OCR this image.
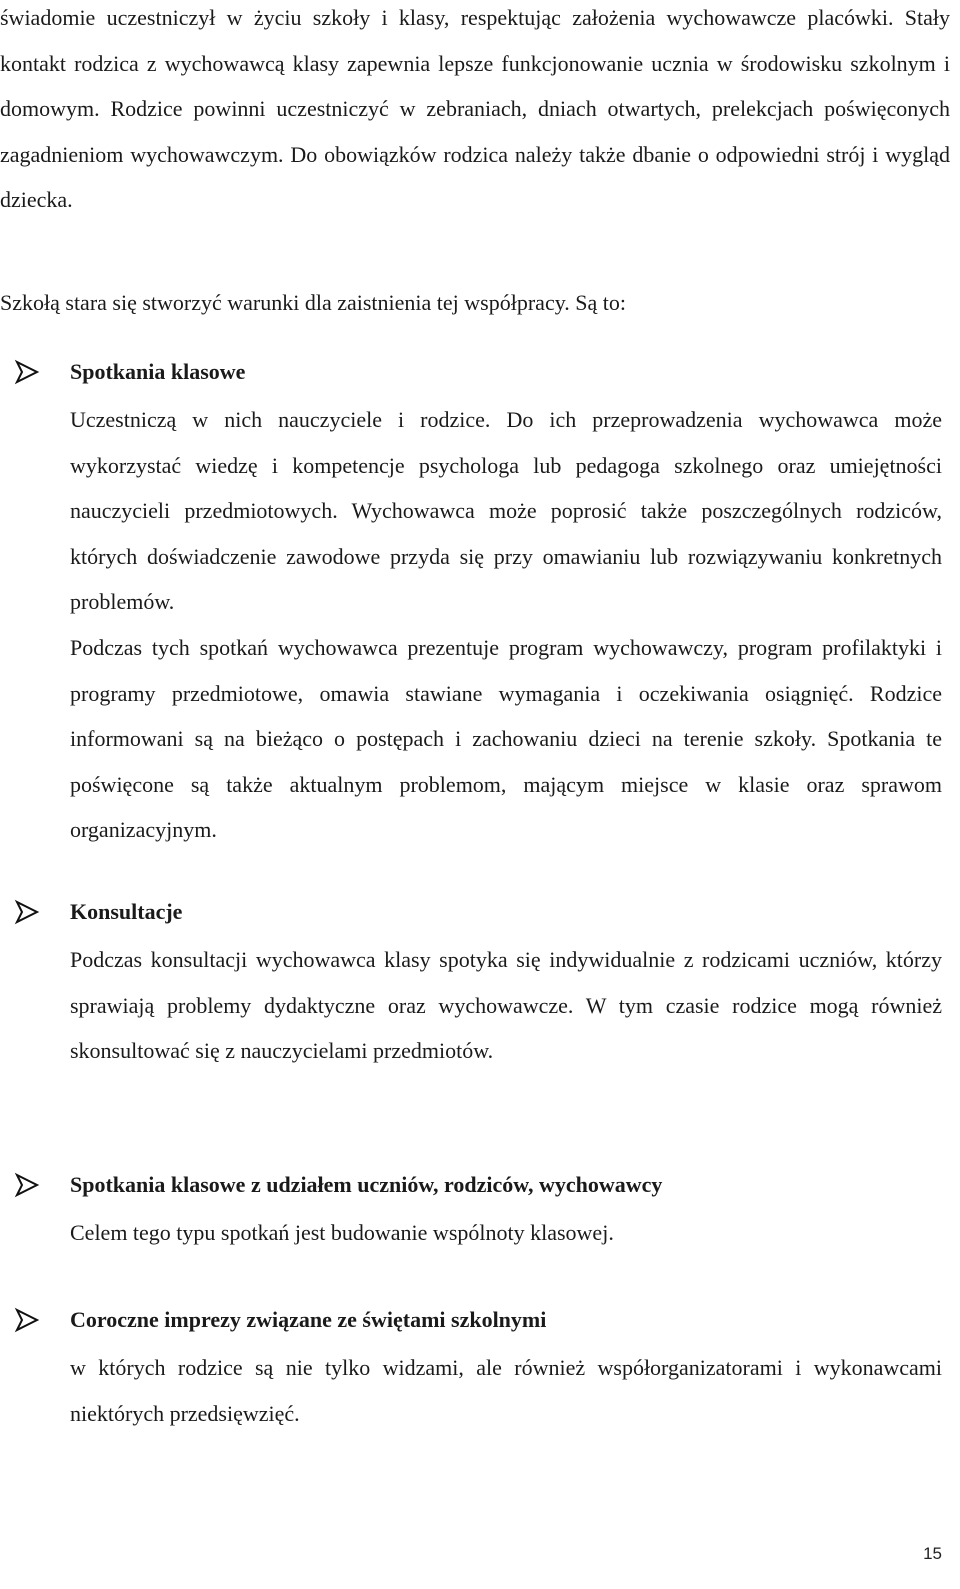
świadomie uczestniczył w życiu szkoły i klasy, respektując założenia wychowawcze placówki. Stały kontakt rodzica z wychowawcą klasy zapewnia lepsze funkcjonowanie ucznia w środowisku szkolnym i domowym. Rodzice powinni uczestniczyć w zebraniach, dniach otwartych, prelekcjach poświęconych zagadnieniom wychowawczym. Do obowiązków rodzica należy także dbanie o odpowiedni strój i wygląd dziecka.

Szkołą stara się stworzyć warunki dla zaistnienia tej współpracy. Są to:

Spotkania klasowe

Uczestniczą w nich nauczyciele i rodzice. Do ich przeprowadzenia wychowawca może wykorzystać wiedzę i kompetencje psychologa lub pedagoga szkolnego oraz umiejętności nauczycieli przedmiotowych. Wychowawca może poprosić także poszczególnych rodziców, których doświadczenie zawodowe przyda się przy omawianiu lub rozwiązywaniu konkretnych problemów.

Podczas tych spotkań wychowawca prezentuje program wychowawczy, program profilaktyki i programy przedmiotowe, omawia stawiane wymagania i oczekiwania osiągnięć. Rodzice informowani są na bieżąco o postępach i zachowaniu dzieci na terenie szkoły. Spotkania te poświęcone są także aktualnym problemom, mającym miejsce w klasie oraz sprawom organizacyjnym.

Konsultacje

Podczas konsultacji wychowawca klasy spotyka się indywidualnie z rodzicami uczniów, którzy sprawiają problemy dydaktyczne oraz wychowawcze. W tym czasie rodzice mogą również skonsultować się z nauczycielami przedmiotów.

Spotkania klasowe z udziałem uczniów, rodziców, wychowawcy

Celem tego typu spotkań jest budowanie wspólnoty klasowej.

Coroczne imprezy związane ze świętami szkolnymi

w których rodzice są nie tylko widzami, ale również współorganizatorami i wykonawcami niektórych przedsięwzięć.

15
